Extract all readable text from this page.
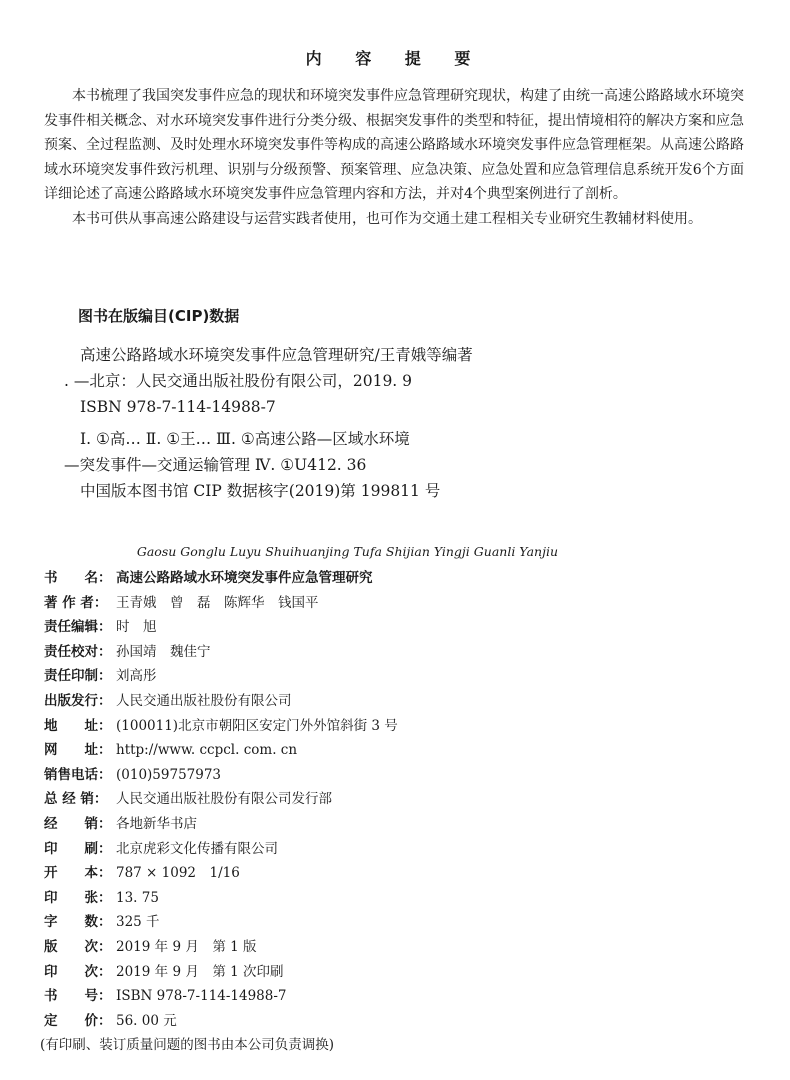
内 容 提 要

本书梳理了我国突发事件应急的现状和环境突发事件应急管理研究现状，构建了由统一高速公路路域水环境突发事件相关概念、对水环境突发事件进行分类分级、根据突发事件的类型和特征，提出情境相符的解决方案和应急预案、全过程监测、及时处理水环境突发事件等构成的高速公路路域水环境突发事件应急管理框架。从高速公路路域水环境突发事件致污机理、识别与分级预警、预案管理、应急决策、应急处置和应急管理信息系统开发6个方面详细论述了高速公路路域水环境突发事件应急管理内容和方法，并对4个典型案例进行了剖析。

本书可供从事高速公路建设与运营实践者使用，也可作为交通土建工程相关专业研究生教辅材料使用。

图书在版编目(CIP)数据
高速公路路域水环境突发事件应急管理研究/王青娥等编著
. —北京：人民交通出版社股份有限公司，2019. 9
ISBN 978-7-114-14988-7
Ⅰ. ①高… Ⅱ. ①王… Ⅲ. ①高速公路—区域水环境
—突发事件—交通运输管理 Ⅳ. ①U412. 36
中国版本图书馆 CIP 数据核字(2019)第 199811 号
Gaosu Gonglu Luyu Shuihuanjing Tufa Shijian Yingji Guanli Yanjiu
书　　名： 高速公路路域水环境突发事件应急管理研究
著 作 者： 王青娥　曾　磊　陈辉华　钱国平
责任编辑： 时　旭
责任校对： 孙国靖　魏佳宁
责任印制： 刘高彤
出版发行： 人民交通出版社股份有限公司
地　　址： (100011)北京市朝阳区安定门外外馆斜街 3 号
网　　址： http://www. ccpcl. com. cn
销售电话： (010)59757973
总 经 销： 人民交通出版社股份有限公司发行部
经　　销： 各地新华书店
印　　刷： 北京虎彩文化传播有限公司
开　　本： 787 × 1092　1/16
印　　张： 13. 75
字　　数： 325 千
版　　次： 2019 年 9 月　第 1 版
印　　次： 2019 年 9 月　第 1 次印刷
书　　号： ISBN 978-7-114-14988-7
定　　价： 56. 00 元
(有印刷、装订质量问题的图书由本公司负责调换)
